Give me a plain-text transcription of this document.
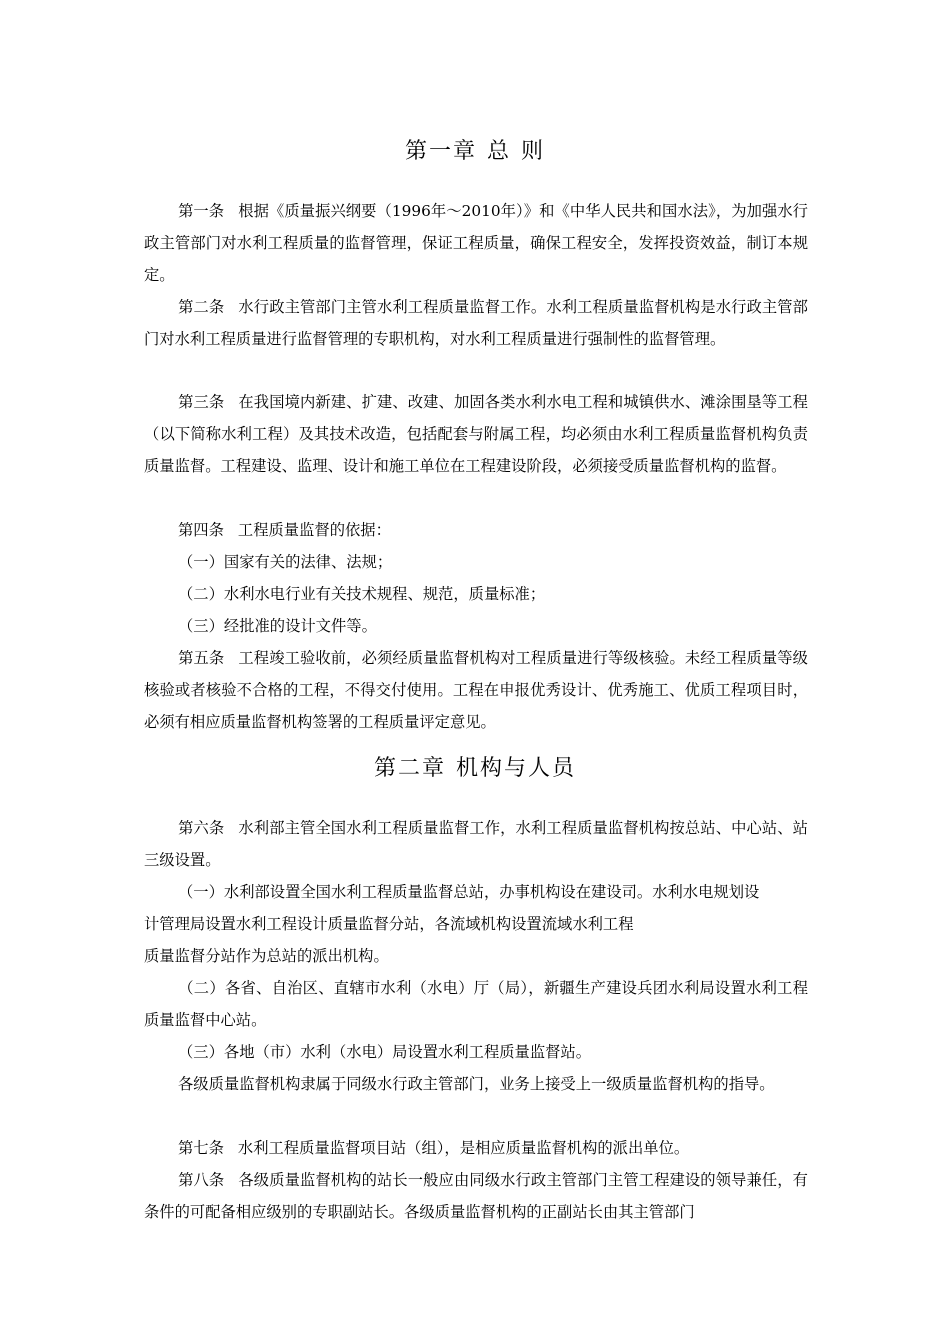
第一章 总 则
第一条 根据《质量振兴纲要（1996年～2010年）》和《中华人民共和国水法》，为加强水行政主管部门对水利工程质量的监督管理，保证工程质量，确保工程安全，发挥投资效益，制订本规定。
第二条 水行政主管部门主管水利工程质量监督工作。水利工程质量监督机构是水行政主管部门对水利工程质量进行监督管理的专职机构，对水利工程质量进行强制性的监督管理。
第三条 在我国境内新建、扩建、改建、加固各类水利水电工程和城镇供水、滩涂围垦等工程（以下简称水利工程）及其技术改造，包括配套与附属工程，均必须由水利工程质量监督机构负责质量监督。工程建设、监理、设计和施工单位在工程建设阶段，必须接受质量监督机构的监督。
第四条 工程质量监督的依据：
（一）国家有关的法律、法规；
（二）水利水电行业有关技术规程、规范，质量标准；
（三）经批准的设计文件等。
第五条 工程竣工验收前，必须经质量监督机构对工程质量进行等级核验。未经工程质量等级核验或者核验不合格的工程，不得交付使用。工程在申报优秀设计、优秀施工、优质工程项目时，必须有相应质量监督机构签署的工程质量评定意见。
第二章 机构与人员
第六条 水利部主管全国水利工程质量监督工作，水利工程质量监督机构按总站、中心站、站三级设置。
（一）水利部设置全国水利工程质量监督总站，办事机构设在建设司。水利水电规划设
计管理局设置水利工程设计质量监督分站，各流域机构设置流域水利工程
质量监督分站作为总站的派出机构。
（二）各省、自治区、直辖市水利（水电）厅（局），新疆生产建设兵团水利局设置水利工程质量监督中心站。
（三）各地（市）水利（水电）局设置水利工程质量监督站。
各级质量监督机构隶属于同级水行政主管部门，业务上接受上一级质量监督机构的指导。
第七条 水利工程质量监督项目站（组），是相应质量监督机构的派出单位。
第八条 各级质量监督机构的站长一般应由同级水行政主管部门主管工程建设的领导兼任，有条件的可配备相应级别的专职副站长。各级质量监督机构的正副站长由其主管部门
